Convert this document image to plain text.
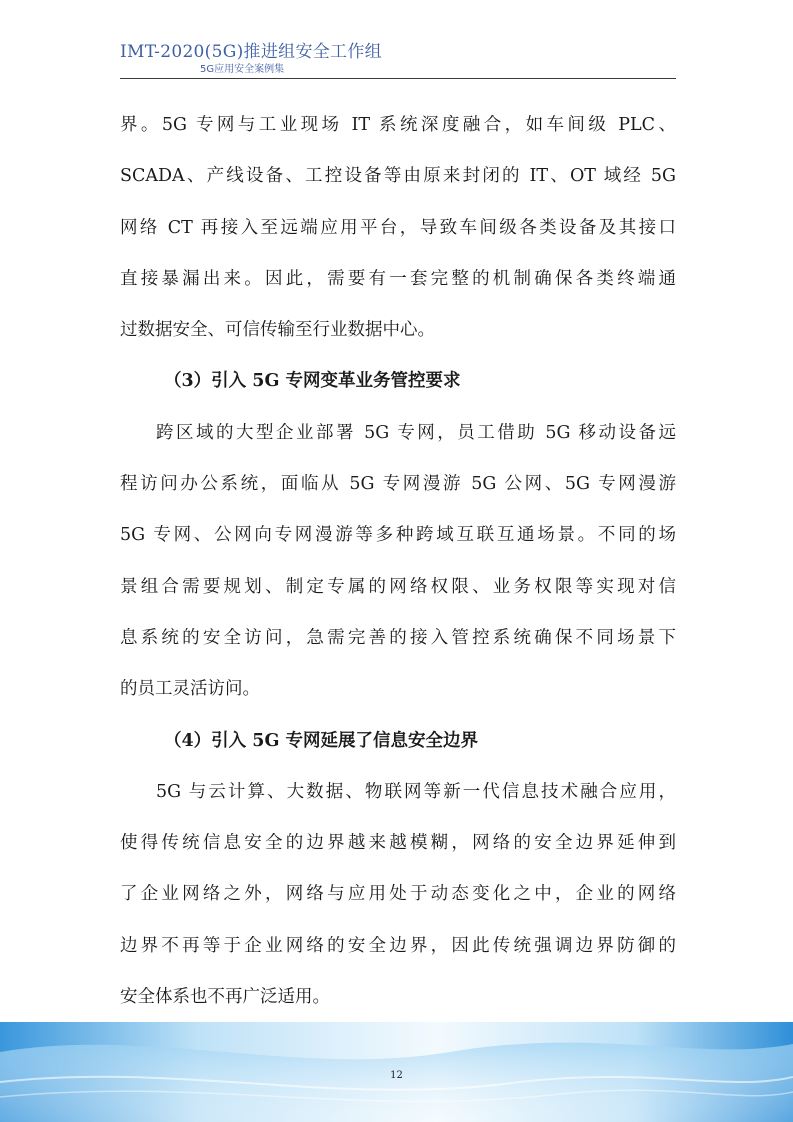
IMT-2020(5G)推进组安全工作组
5G应用安全案例集
界。5G 专网与工业现场 IT 系统深度融合，如车间级 PLC、
SCADA、产线设备、工控设备等由原来封闭的 IT、OT 域经 5G
网络 CT 再接入至远端应用平台，导致车间级各类设备及其接口
直接暴漏出来。因此，需要有一套完整的机制确保各类终端通
过数据安全、可信传输至行业数据中心。
（3）引入 5G 专网变革业务管控要求
跨区域的大型企业部署 5G 专网，员工借助 5G 移动设备远
程访问办公系统，面临从 5G 专网漫游 5G 公网、5G 专网漫游
5G 专网、公网向专网漫游等多种跨域互联互通场景。不同的场
景组合需要规划、制定专属的网络权限、业务权限等实现对信
息系统的安全访问，急需完善的接入管控系统确保不同场景下
的员工灵活访问。
（4）引入 5G 专网延展了信息安全边界
5G 与云计算、大数据、物联网等新一代信息技术融合应用，
使得传统信息安全的边界越来越模糊，网络的安全边界延伸到
了企业网络之外，网络与应用处于动态变化之中，企业的网络
边界不再等于企业网络的安全边界，因此传统强调边界防御的
安全体系也不再广泛适用。
12
